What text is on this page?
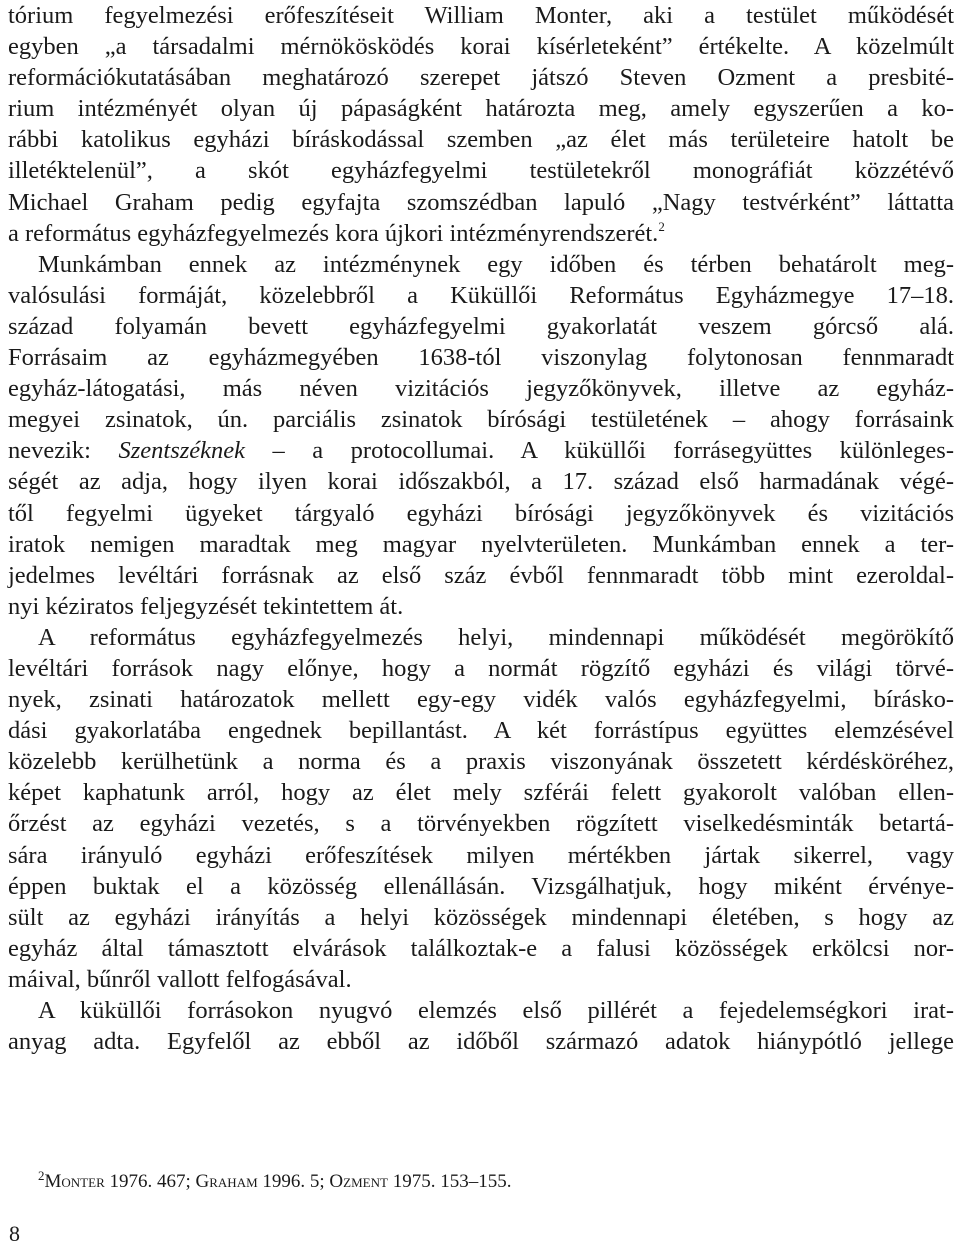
tórium fegyelmezési erőfeszítéseit William Monter, aki a testület működését
egyben „a társadalmi mérnökösködés korai kísérleteként” értékelte. A közelmúlt
reformációkutatásában meghatározó szerepet játszó Steven Ozment a presbité-
rium intézményét olyan új pápaságként határozta meg, amely egyszerűen a ko-
rábbi katolikus egyházi bíráskodással szemben „az élet más területeire hatolt be
illetéktelenül”, a skót egyházfegyelmi testületekről monográfiát közzétévő
Michael Graham pedig egyfajta szomszédban lapuló „Nagy testvérként” láttatta
a református egyházfegyelmezés kora újkori intézményrendszerét.$^2$
Munkámban ennek az intézménynek egy időben és térben behatárolt meg-
valósulási formáját, közelebbről a Küküllői Református Egyházmegye 17–18.
század folyamán bevett egyházfegyelmi gyakorlatát veszem górcső alá.
Forrásaim az egyházmegyében 1638-tól viszonylag folytonosan fennmaradt
egyház-látogatási, más néven vizitációs jegyzőkönyvek, illetve az egyház-
megyei zsinatok, ún. parciális zsinatok bírósági testületének – ahogy forrásaink
nevezik: Szentszéknek – a protocollumai. A küküllői forrásegyüttes különleges-
ségét az adja, hogy ilyen korai időszakból, a 17. század első harmadának végé-
től fegyelmi ügyeket tárgyaló egyházi bírósági jegyzőkönyvek és vizitációs
iratok nemigen maradtak meg magyar nyelvterületen. Munkámban ennek a ter-
jedelmes levéltári forrásnak az első száz évből fennmaradt több mint ezeroldal-
nyi kéziratos feljegyzését tekintettem át.
A református egyházfegyelmezés helyi, mindennapi működését megörökítő
levéltári források nagy előnye, hogy a normát rögzítő egyházi és világi törvé-
nyek, zsinati határozatok mellett egy-egy vidék valós egyházfegyelmi, bírásko-
dási gyakorlatába engednek bepillantást. A két forrástípus együttes elemzésével
közelebb kerülhetünk a norma és a praxis viszonyának összetett kérdésköréhez,
képet kaphatunk arról, hogy az élet mely szférái felett gyakorolt valóban ellen-
őrzést az egyházi vezetés, s a törvényekben rögzített viselkedésminták betartá-
sára irányuló egyházi erőfeszítések milyen mértékben jártak sikerrel, vagy
éppen buktak el a közösség ellenállásán. Vizsgálhatjuk, hogy miként érvénye-
sült az egyházi irányítás a helyi közösségek mindennapi életében, s hogy az
egyház által támasztott elvárások találkoztak-e a falusi közösségek erkölcsi nor-
máival, bűnről vallott felfogásával.
A küküllői forrásokon nyugvó elemzés első pillérét a fejedelemségkori irat-
anyag adta. Egyfelől az ebből az időből származó adatok hiánypótló jellege
$^2$Monter 1976. 467; Graham 1996. 5; Ozment 1975. 153–155.
8
